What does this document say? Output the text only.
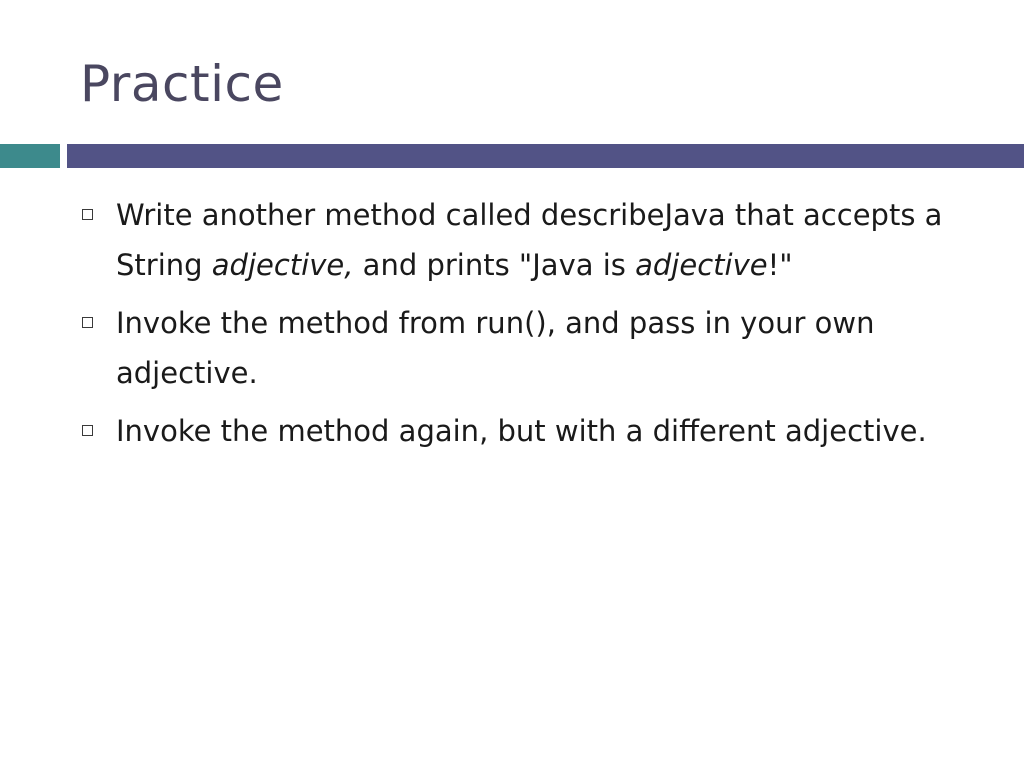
Practice
Write another method called describeJava that accepts a String adjective, and prints "Java is adjective!"
Invoke the method from run(), and pass in your own adjective.
Invoke the method again, but with a different adjective.
